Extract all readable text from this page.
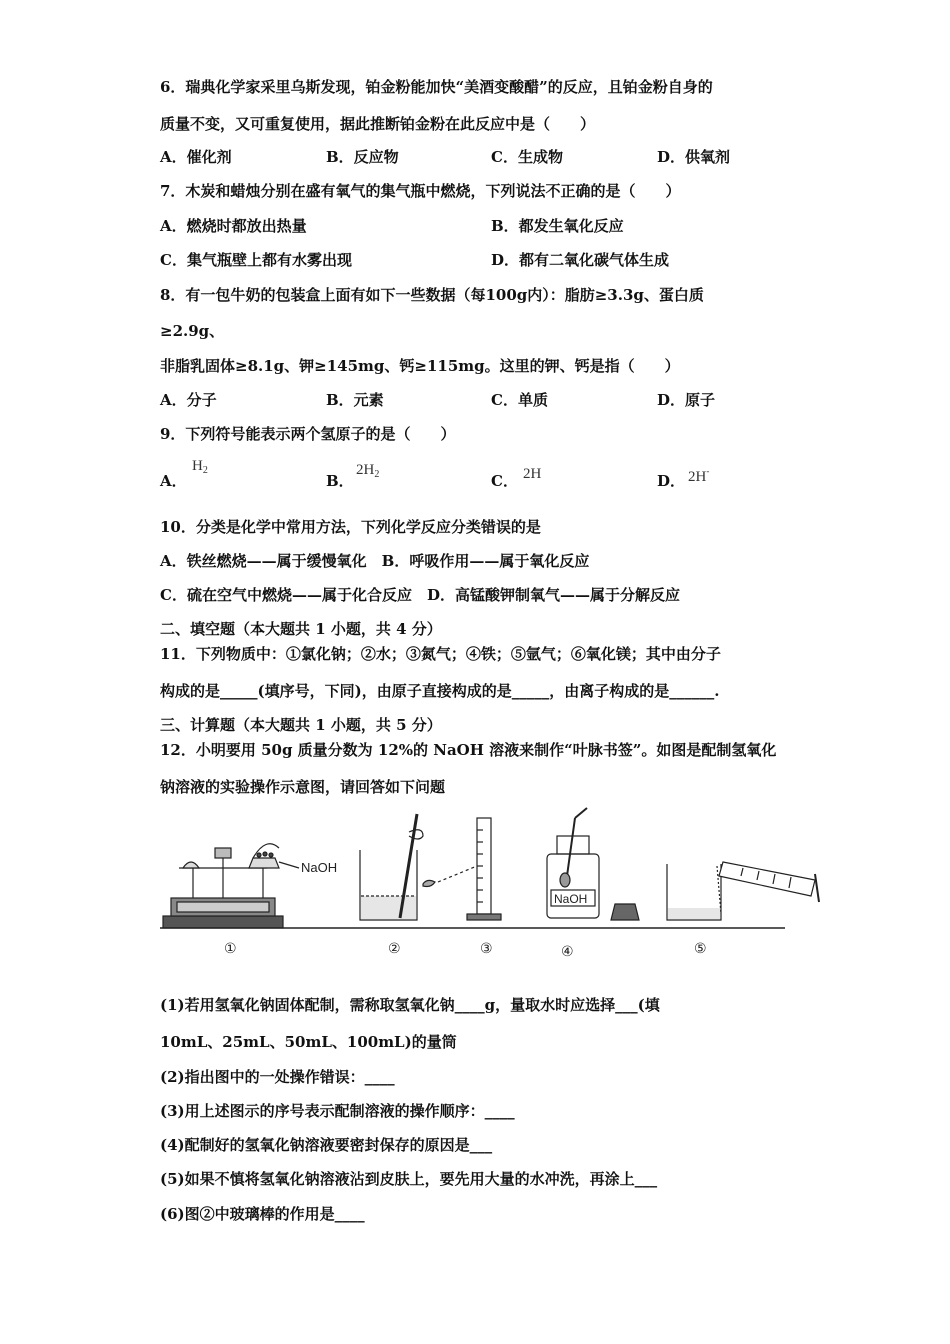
6．瑞典化学家采里乌斯发现，铂金粉能加快“美酒变酸醋”的反应，且铂金粉自身的
质量不变，又可重复使用，据此推断铂金粉在此反应中是（　　）
A．催化剂	B．反应物	C．生成物	D．供氧剂
7．木炭和蜡烛分别在盛有氧气的集气瓶中燃烧，下列说法不正确的是（　　）
A．燃烧时都放出热量	B．都发生氧化反应
C．集气瓶壁上都有水雾出现	D．都有二氧化碳气体生成
8．有一包牛奶的包装盒上面有如下一些数据（每100g内）：脂肪≥3.3g、蛋白质
≥2.9g、
非脂乳固体≥8.1g、钾≥145mg、钙≥115mg。这里的钾、钙是指（　　）
A．分子	B．元素	C．单质	D．原子
9．下列符号能表示两个氢原子的是（　　）
A．
$H_2$
B．
$2H_2$	C． 2H	D． 2H-
10．分类是化学中常用方法，下列化学反应分类错误的是
A．铁丝燃烧——属于缓慢氧化　B．呼吸作用——属于氧化反应
C．硫在空气中燃烧——属于化合反应　D．高锰酸钾制氧气——属于分解反应
二、填空题（本大题共 1 小题，共 4 分）
11．下列物质中：①氯化钠；②水；③氮气；④铁；⑤氩气；⑥氧化镁；其中由分子
构成的是_____(填序号，下同)，由原子直接构成的是_____，由离子构成的是______.
三、计算题（本大题共 1 小题，共 5 分）
12．小明要用 50g 质量分数为 12%的 NaOH 溶液来制作“叶脉书签”。如图是配制氢氧化
钠溶液的实验操作示意图，请回答如下问题
NaOH
NaOH
①	②	③	④	⑤
(1)若用氢氧化钠固体配制，需称取氢氧化钠____g，量取水时应选择___(填
10mL、25mL、50mL、100mL)的量筒
(2)指出图中的一处操作错误：____
(3)用上述图示的序号表示配制溶液的操作顺序：____
(4)配制好的氢氧化钠溶液要密封保存的原因是___
(5)如果不慎将氢氧化钠溶液沾到皮肤上，要先用大量的水冲洗，再涂上___
(6)图②中玻璃棒的作用是____
